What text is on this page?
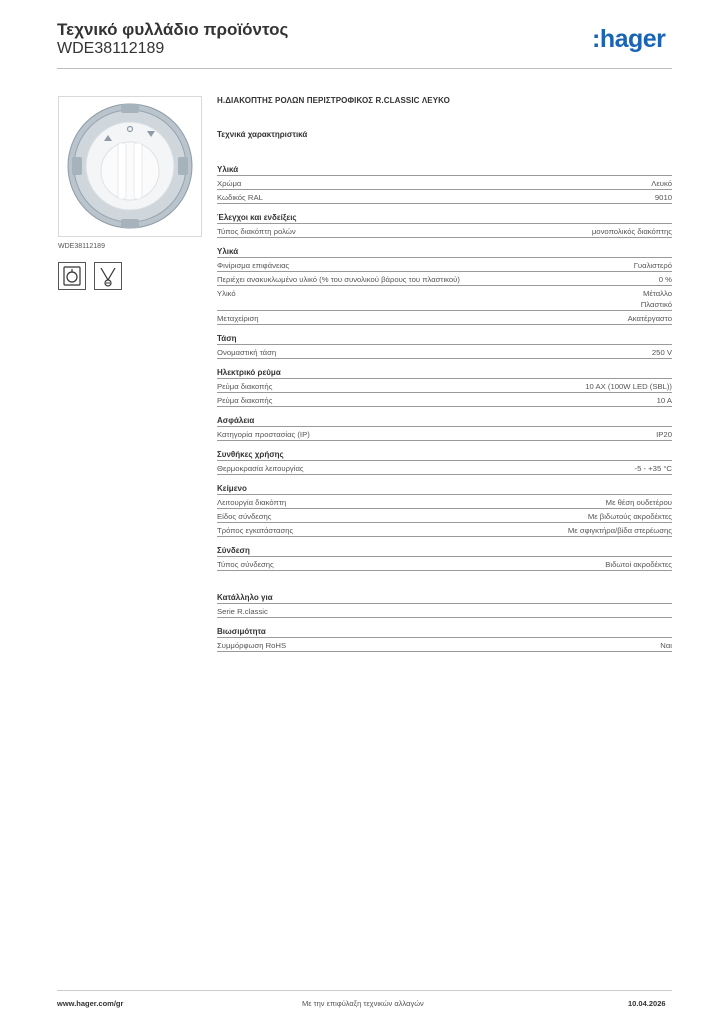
Τεχνικό φυλλάδιο προϊόντος
WDE38112189	:hager
WDE38112189
Η.ΔΙΑΚΟΠΤΗΣ ΡΟΛΩΝ ΠΕΡΙΣΤΡΟΦΙΚΟΣ R.CLASSIC ΛΕΥΚΟ
Τεχνικά χαρακτηριστικά
Υλικά
Χρώμα	Λευκό
Κωδικός RAL	9010
Έλεγχοι και ενδείξεις
Τύπος διακόπτη ρολών	μονοπολικός διακόπτης
Υλικά
Φινίρισμα επιφάνειας	Γυαλιστερό
Περιέχει ανακυκλωμένο υλικό (% του συνολικού βάρους του πλαστικού)	0 %
Υλικό	Μέταλλο
Πλαστικό
Μεταχείριση	Ακατέργαστο
Τάση
Ονομαστική τάση	250 V
Ηλεκτρικό ρεύμα
Ρεύμα διακοπής	10 AX (100W LED (SBL))
Ρεύμα διακοπής	10 A
Ασφάλεια
Κατηγορία προστασίας (IP)	IP20
Συνθήκες χρήσης
Θερμοκρασία λειτουργίας	-5 - +35 °C
Κείμενο
Λειτουργία διακόπτη	Με θέση ουδετέρου
Είδος σύνδεσης	Με βιδωτούς ακροδέκτες
Τρόπος εγκατάστασης	Με σφιγκτήρα/βίδα στερέωσης
Σύνδεση
Τύπος σύνδεσης	Βιδωτοί ακροδέκτες
Κατάλληλο για
Serie R.classic
Βιωσιμότητα
Συμμόρφωση RoHS	Ναι
www.hager.com/gr	Με την επιφύλαξη τεχνικών αλλαγών	10.04.2026
